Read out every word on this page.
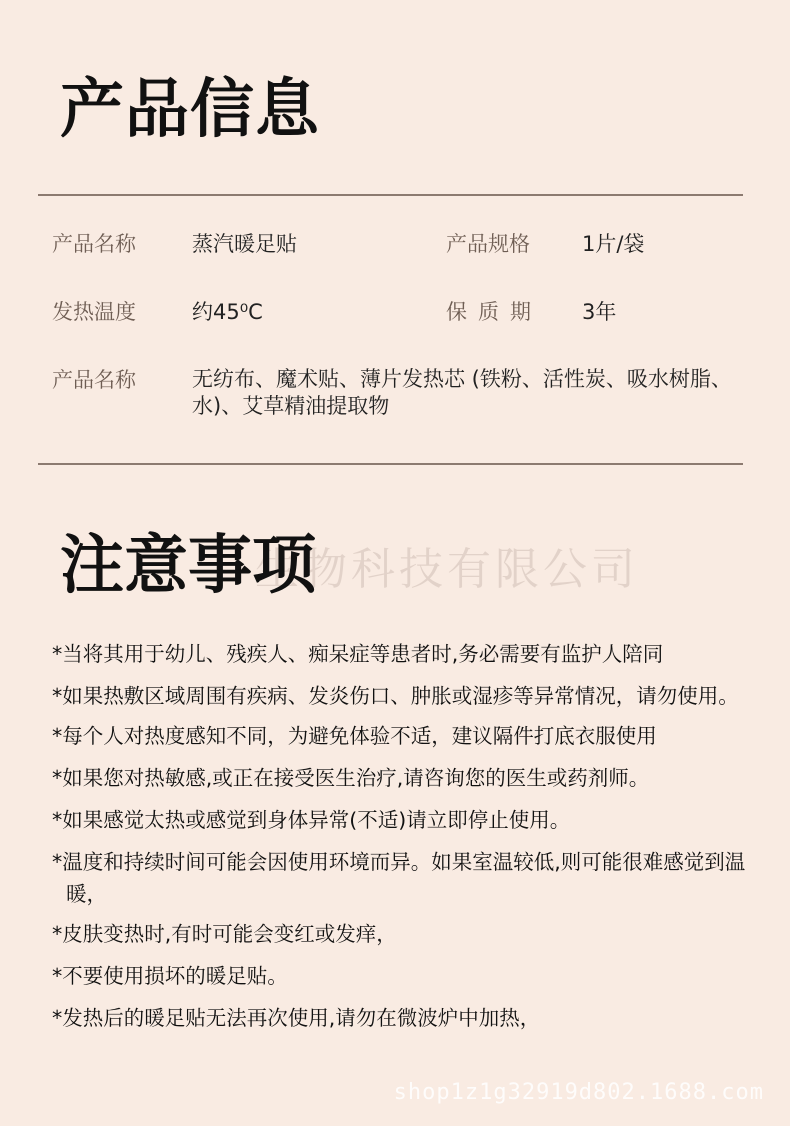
产品信息
产品名称	蒸汽暖足贴	产品规格 1片/袋
发热温度	约45⁰C	保质期 3年
产品名称	无纺布、魔术贴、薄片发热芯 (铁粉、活性炭、吸水树脂、水)、艾草精油提取物
生物科技有限公司
注意事项
*当将其用于幼儿、残疾人、痴呆症等患者时,务必需要有监护人陪同
*如果热敷区域周围有疾病、发炎伤口、肿胀或湿疹等异常情况，请勿使用。
*每个人对热度感知不同，为避免体验不适，建议隔件打底衣服使用
*如果您对热敏感,或正在接受医生治疗,请咨询您的医生或药剂师。
*如果感觉太热或感觉到身体异常(不适)请立即停止使用。
*温度和持续时间可能会因使用环境而异。如果室温较低,则可能很难感觉到温暖，
*皮肤变热时,有时可能会变红或发痒，
*不要使用损坏的暖足贴。
*发热后的暖足贴无法再次使用,请勿在微波炉中加热，
shop1z1g32919d802.1688.com
